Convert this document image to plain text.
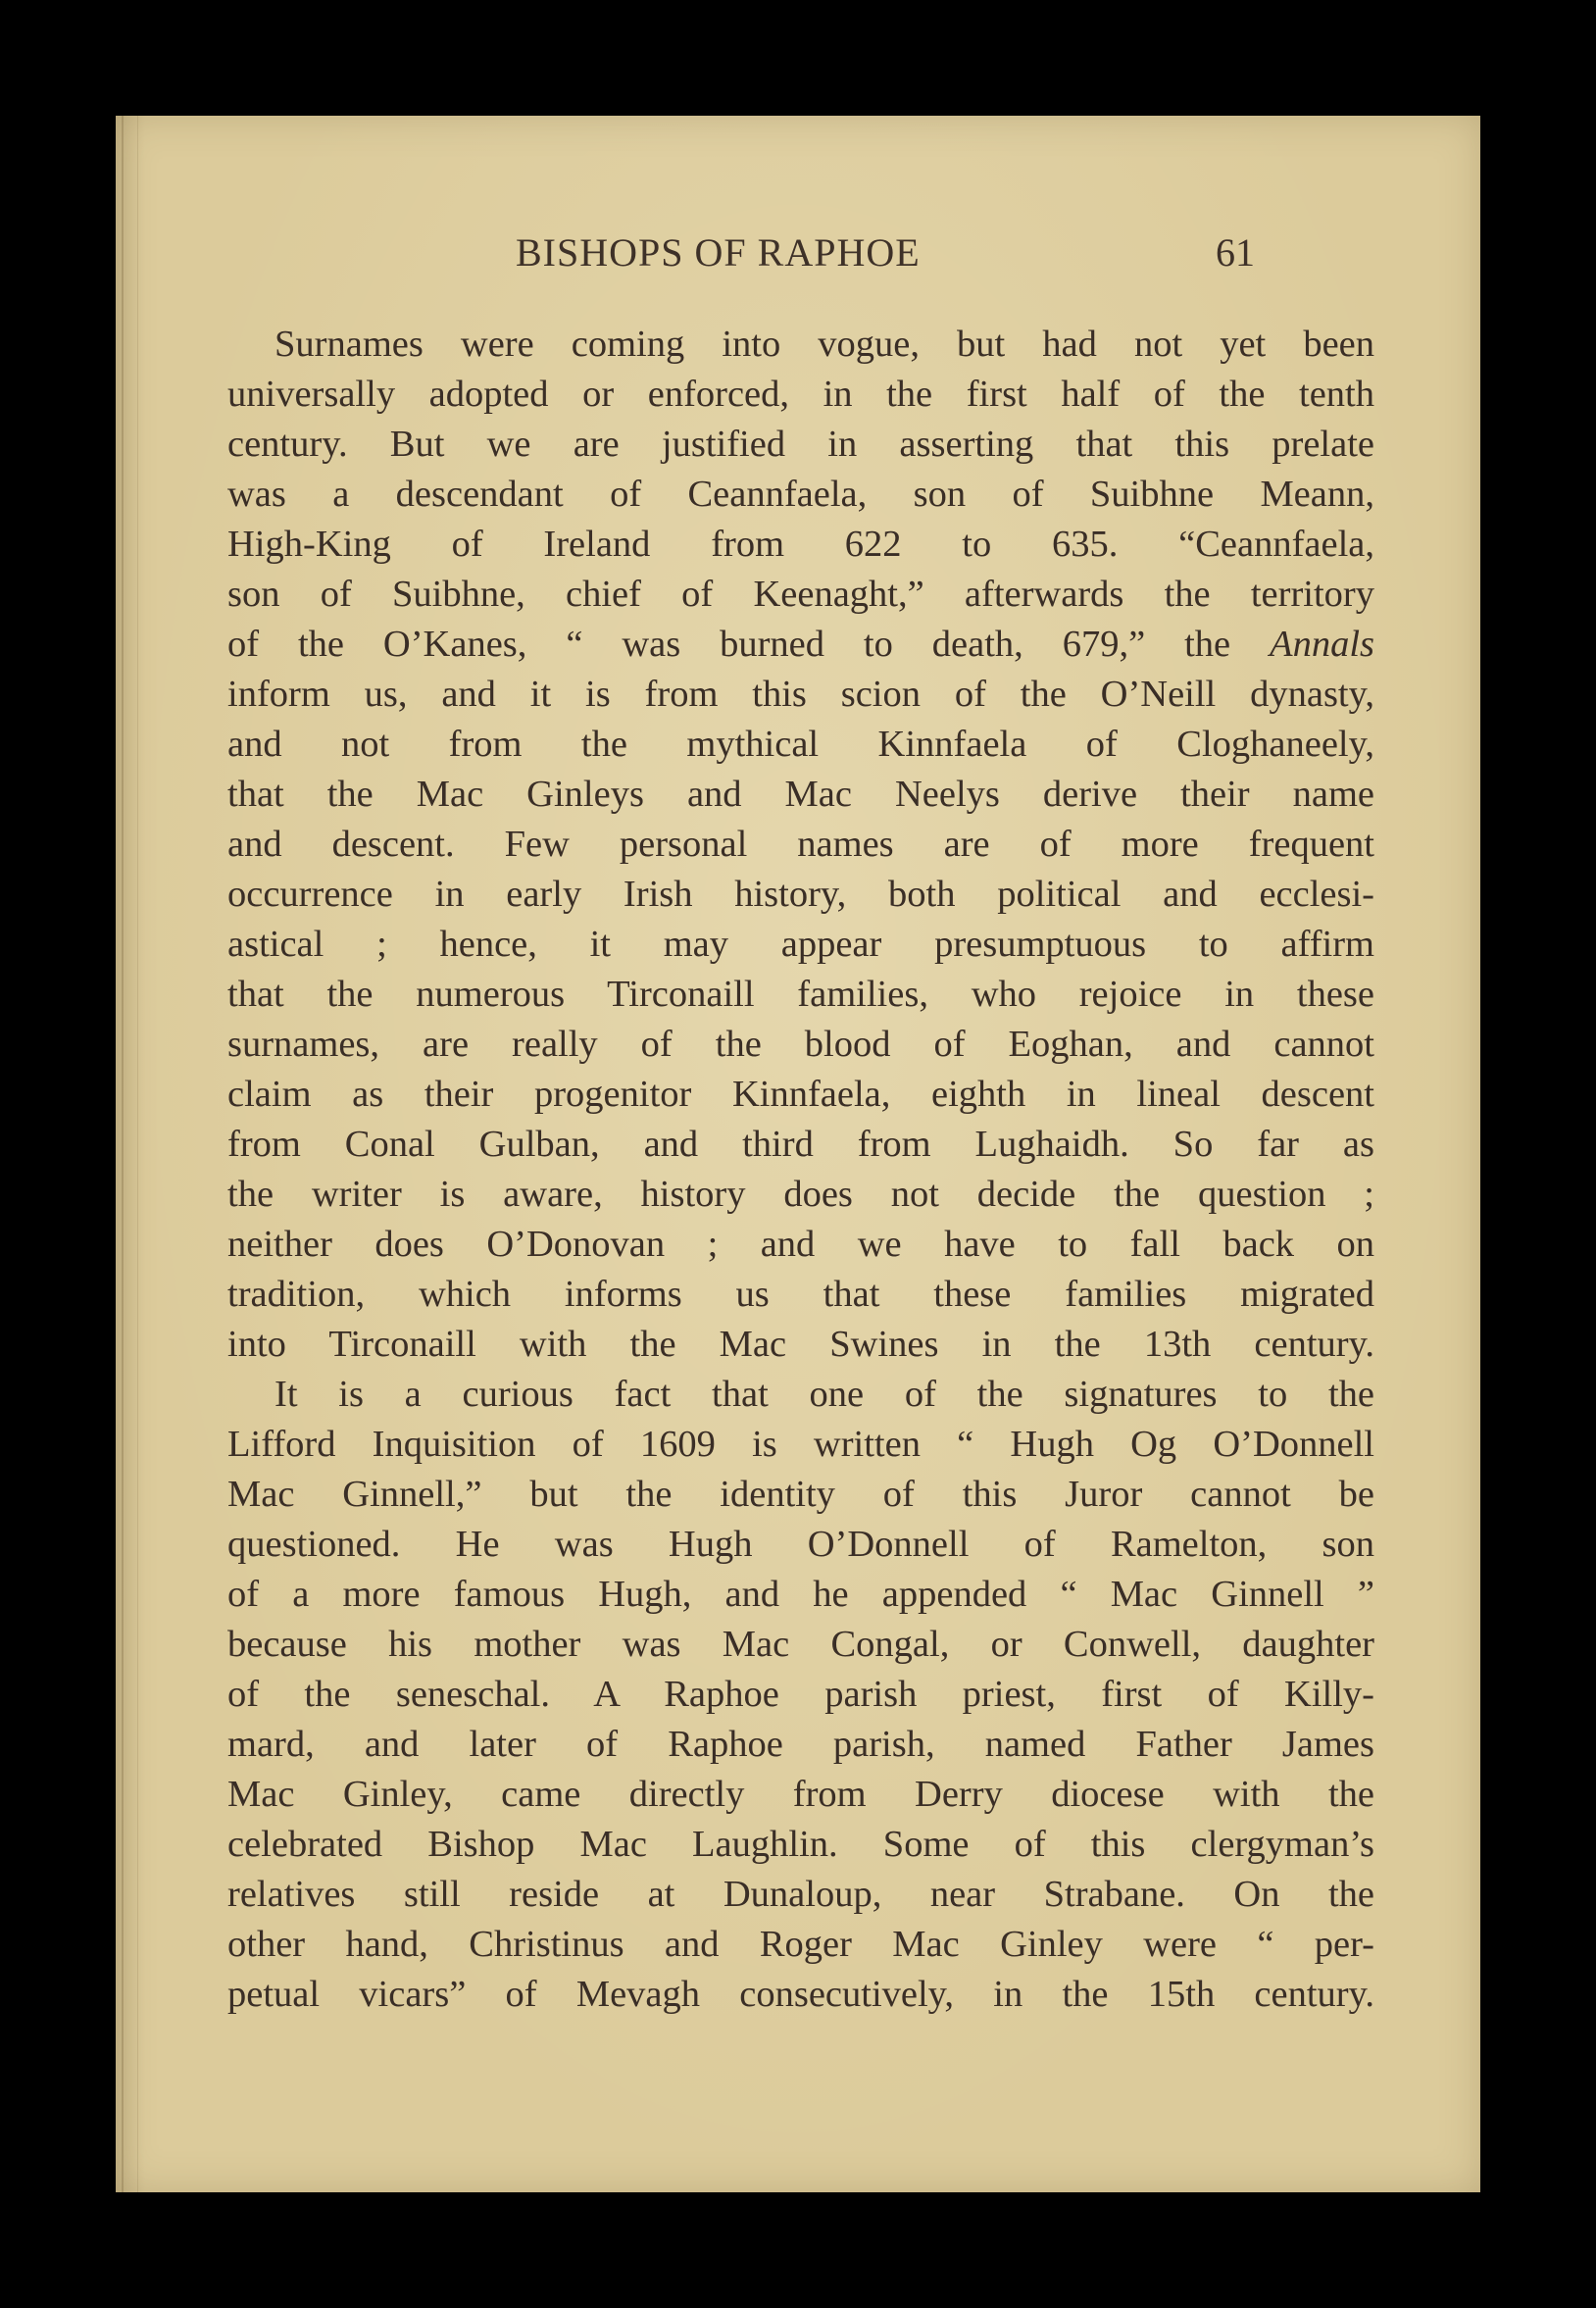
BISHOPS OF RAPHOE	61
Surnames were coming into vogue, but had not yet been
universally adopted or enforced, in the first half of the tenth
century. But we are justified in asserting that this prelate
was a descendant of Ceannfaela, son of Suibhne Meann,
High-King of Ireland from 622 to 635. “Ceannfaela,
son of Suibhne, chief of Keenaght,” afterwards the territory
of the O’Kanes, “ was burned to death, 679,” the Annals
inform us, and it is from this scion of the O’Neill dynasty,
and not from the mythical Kinnfaela of Cloghaneely,
that the Mac Ginleys and Mac Neelys derive their name
and descent. Few personal names are of more frequent
occurrence in early Irish history, both political and ecclesi-
astical ; hence, it may appear presumptuous to affirm
that the numerous Tirconaill families, who rejoice in these
surnames, are really of the blood of Eoghan, and cannot
claim as their progenitor Kinnfaela, eighth in lineal descent
from Conal Gulban, and third from Lughaidh. So far as
the writer is aware, history does not decide the question ;
neither does O’Donovan ; and we have to fall back on
tradition, which informs us that these families migrated
into Tirconaill with the Mac Swines in the 13th century.
It is a curious fact that one of the signatures to the
Lifford Inquisition of 1609 is written “ Hugh Og O’Donnell
Mac Ginnell,” but the identity of this Juror cannot be
questioned. He was Hugh O’Donnell of Ramelton, son
of a more famous Hugh, and he appended “ Mac Ginnell ”
because his mother was Mac Congal, or Conwell, daughter
of the seneschal. A Raphoe parish priest, first of Killy-
mard, and later of Raphoe parish, named Father James
Mac Ginley, came directly from Derry diocese with the
celebrated Bishop Mac Laughlin. Some of this clergyman’s
relatives still reside at Dunaloup, near Strabane. On the
other hand, Christinus and Roger Mac Ginley were “ per-
petual vicars” of Mevagh consecutively, in the 15th century.
